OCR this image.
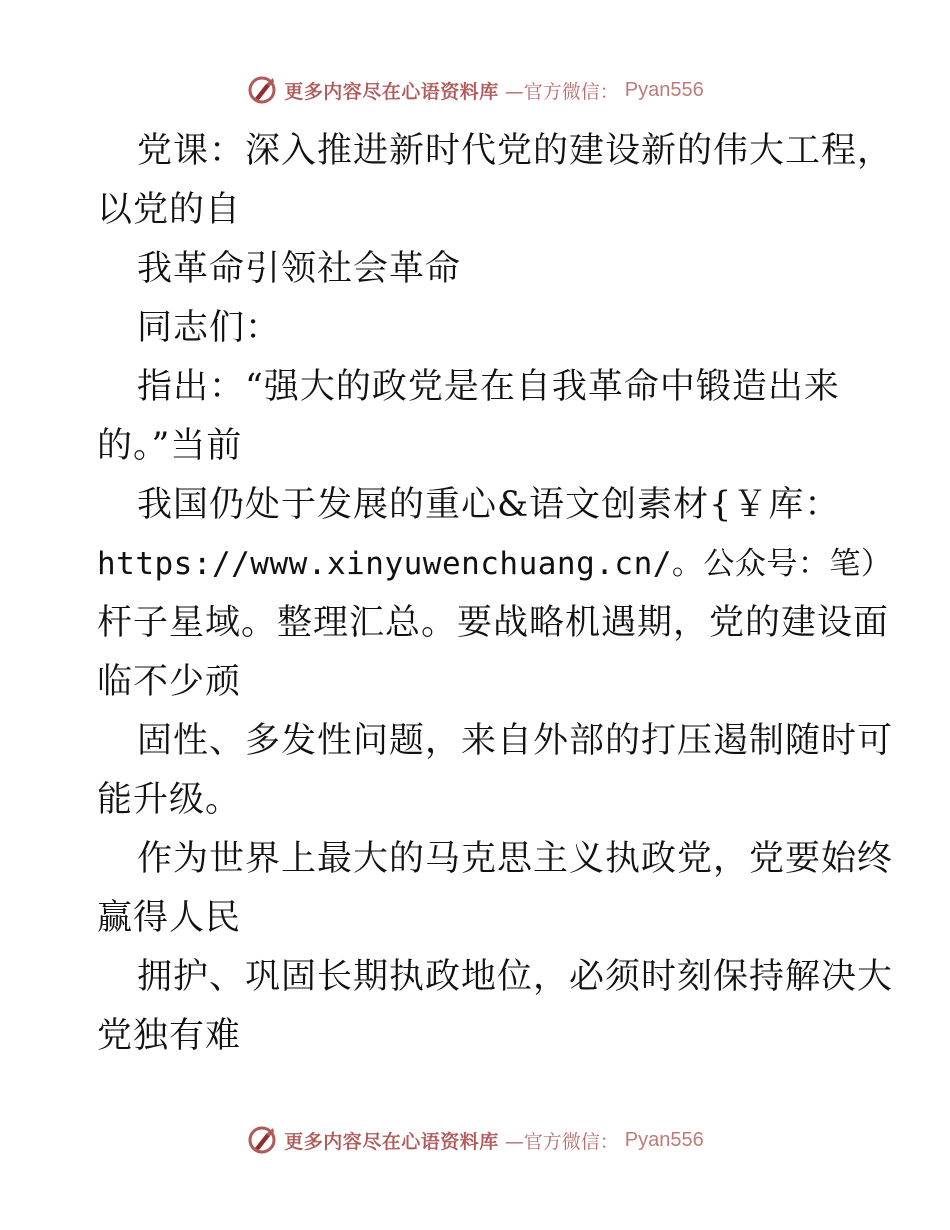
更多内容尽在心语资料库 —官方微信： Pyan556
党课：深入推进新时代党的建设新的伟大工程，
以党的自
我革命引领社会革命
同志们：
指出：“强大的政党是在自我革命中锻造出来
的。”当前
我国仍处于发展的重心&语文创素材{￥库：
https://www.xinyuwenchuang.cn/。公众号：笔）
杆子星域。整理汇总。要战略机遇期，党的建设面
临不少顽
固性、多发性问题，来自外部的打压遏制随时可
能升级。
作为世界上最大的马克思主义执政党，党要始终
赢得人民
拥护、巩固长期执政地位，必须时刻保持解决大
党独有难
更多内容尽在心语资料库 —官方微信： Pyan556
